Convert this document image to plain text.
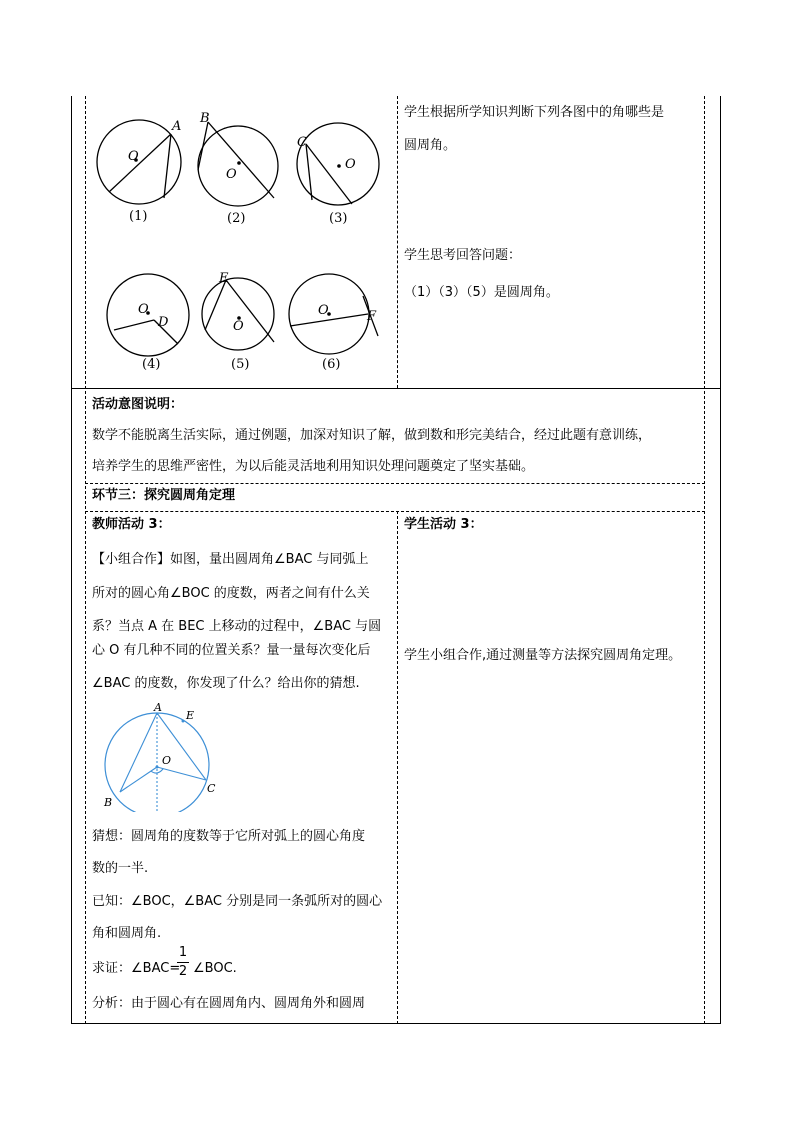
O
A
O
B
O
C
O
D	O
E
O	F
(1)	(2)	(3)
(4)	(5)	(6)
学生根据所学知识判断下列各图中的角哪些是
圆周角。
学生思考回答问题：
（1）（3）（5）是圆周角。
活动意图说明：
数学不能脱离生活实际，通过例题，加深对知识了解，做到数和形完美结合，经过此题有意训练，
培养学生的思维严密性，为以后能灵活地利用知识处理问题奠定了坚实基础。
环节三：探究圆周角定理
教师活动 3：
【小组合作】如图，量出圆周角∠BAC 与同弧上
所对的圆心角∠BOC 的度数，两者之间有什么关
系？当点 A 在 BEC 上移动的过程中，∠BAC 与圆
心 O 有几种不同的位置关系？量一量每次变化后
∠BAC 的度数，你发现了什么？给出你的猜想.
A
E
O
B
C
猜想：圆周角的度数等于它所对弧上的圆心角度
数的一半.
已知：∠BOC，∠BAC 分别是同一条弧所对的圆心
角和圆周角.
求证：∠BAC=
1
2 ∠BOC.
分析：由于圆心有在圆周角内、圆周角外和圆周
学生活动 3：
学生小组合作,通过测量等方法探究圆周角定理。
